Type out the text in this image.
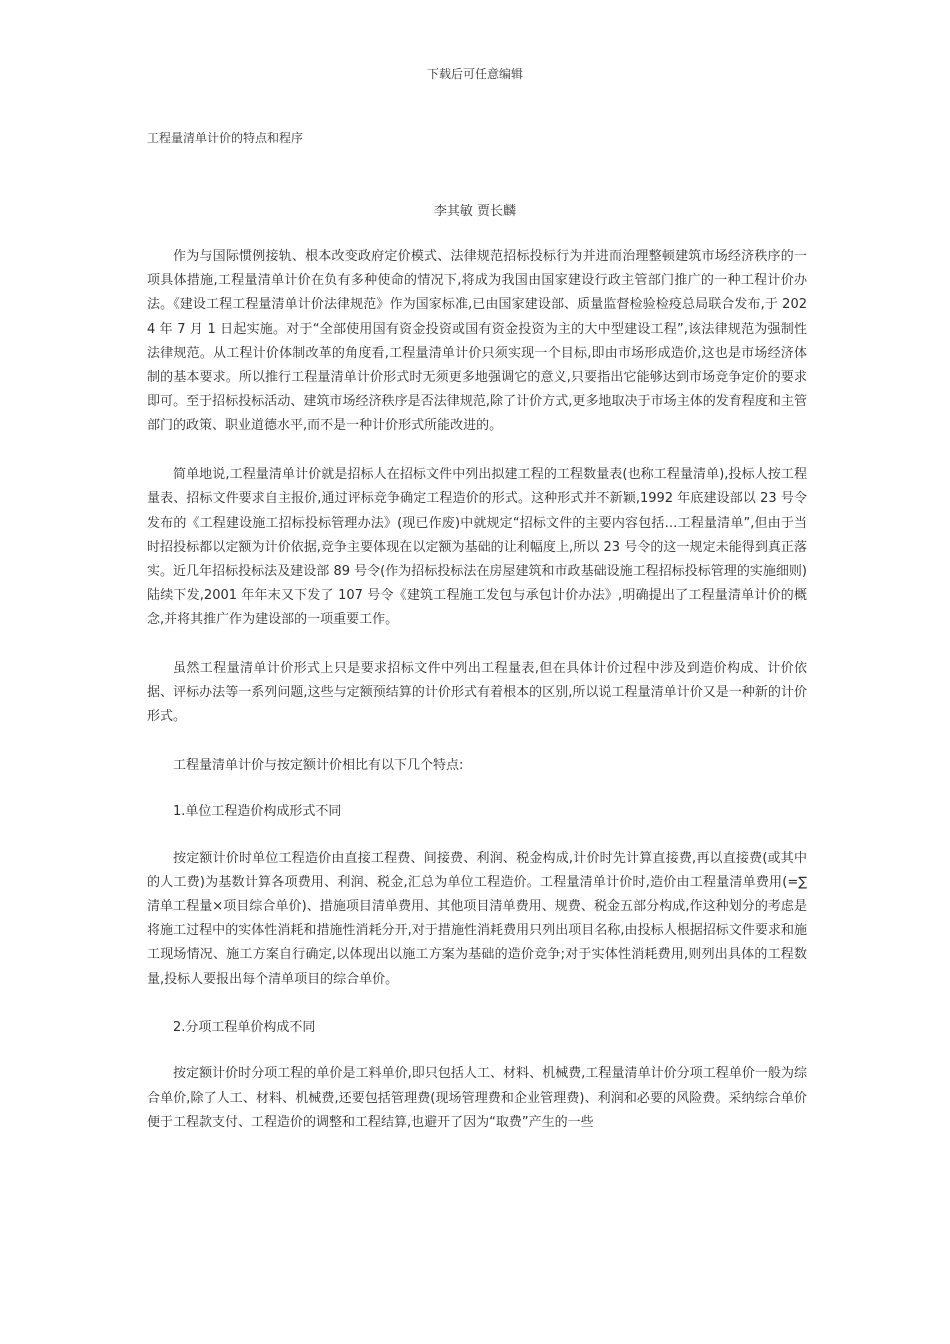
下载后可任意编辑
工程量清单计价的特点和程序
李其敏 贾长麟

作为与国际惯例接轨、根本改变政府定价模式、法律规范招标投标行为并进而治理整顿建筑市场经济秩序的一项具体措施,工程量清单计价在负有多种使命的情况下,将成为我国由国家建设行政主管部门推广的一种工程计价办法。《建设工程工程量清单计价法律规范》作为国家标准,已由国家建设部、质量监督检验检疫总局联合发布,于 2024 年 7 月 1 日起实施。对于“全部使用国有资金投资或国有资金投资为主的大中型建设工程”,该法律规范为强制性法律规范。从工程计价体制改革的角度看,工程量清单计价只须实现一个目标,即由市场形成造价,这也是市场经济体制的基本要求。所以推行工程量清单计价形式时无须更多地强调它的意义,只要指出它能够达到市场竞争定价的要求即可。至于招标投标活动、建筑市场经济秩序是否法律规范,除了计价方式,更多地取决于市场主体的发育程度和主管部门的政策、职业道德水平,而不是一种计价形式所能改进的。

简单地说,工程量清单计价就是招标人在招标文件中列出拟建工程的工程数量表(也称工程量清单),投标人按工程量表、招标文件要求自主报价,通过评标竞争确定工程造价的形式。这种形式并不新颖,1992 年底建设部以 23 号令发布的《工程建设施工招标投标管理办法》(现已作废)中就规定“招标文件的主要内容包括…工程量清单”,但由于当时招投标都以定额为计价依据,竞争主要体现在以定额为基础的让利幅度上,所以 23 号令的这一规定未能得到真正落实。近几年招标投标法及建设部 89 号令(作为招标投标法在房屋建筑和市政基础设施工程招标投标管理的实施细则)陆续下发,2001 年年末又下发了 107 号令《建筑工程施工发包与承包计价办法》,明确提出了工程量清单计价的概念,并将其推广作为建设部的一项重要工作。

虽然工程量清单计价形式上只是要求招标文件中列出工程量表,但在具体计价过程中涉及到造价构成、计价依据、评标办法等一系列问题,这些与定额预结算的计价形式有着根本的区别,所以说工程量清单计价又是一种新的计价形式。

工程量清单计价与按定额计价相比有以下几个特点:

1.单位工程造价构成形式不同

按定额计价时单位工程造价由直接工程费、间接费、利润、税金构成,计价时先计算直接费,再以直接费(或其中的人工费)为基数计算各项费用、利润、税金,汇总为单位工程造价。工程量清单计价时,造价由工程量清单费用(=∑清单工程量×项目综合单价)、措施项目清单费用、其他项目清单费用、规费、税金五部分构成,作这种划分的考虑是将施工过程中的实体性消耗和措施性消耗分开,对于措施性消耗费用只列出项目名称,由投标人根据招标文件要求和施工现场情况、施工方案自行确定,以体现出以施工方案为基础的造价竞争;对于实体性消耗费用,则列出具体的工程数量,投标人要报出每个清单项目的综合单价。

2.分项工程单价构成不同

按定额计价时分项工程的单价是工料单价,即只包括人工、材料、机械费,工程量清单计价分项工程单价一般为综合单价,除了人工、材料、机械费,还要包括管理费(现场管理费和企业管理费)、利润和必要的风险费。采纳综合单价便于工程款支付、工程造价的调整和工程结算,也避开了因为“取费”产生的一些
